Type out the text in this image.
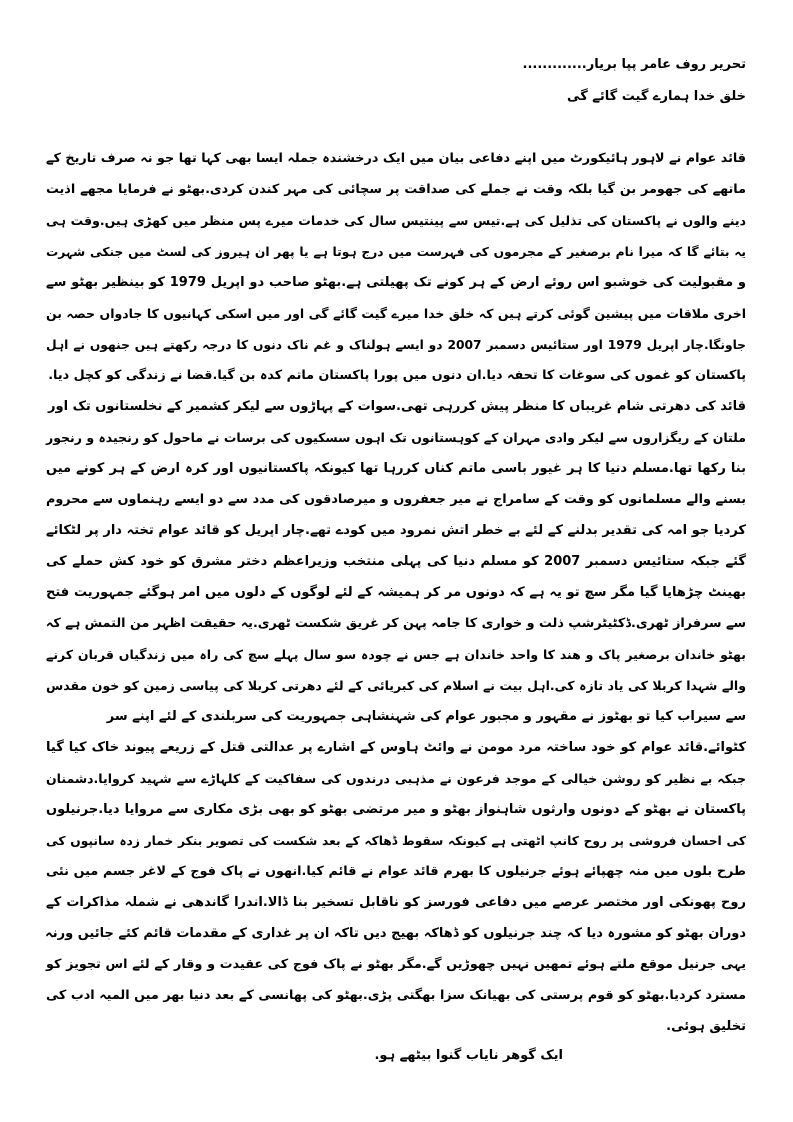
تحریر روف عامر پپا بریار.............
خلق خدا ہمارے گیت گائے گی
قائد عوام نے لاہور ہائیکورٹ میں اپنے دفاعی بیان میں ایک درخشندہ جملہ ایسا بھی کہا تھا جو نہ صرف تاریخ کے
ماتھے کی جھومر بن گیا بلکہ وقت نے جملے کی صداقت پر سچائی کی مہر کندن کردی.بھٹو نے فرمایا مجھے اذیت
دینے والوں نے پاکستان کی تذلیل کی ہے.تیس سے پینتیس سال کی خدمات میرے پس منظر میں کھڑی ہیں.وقت ہی
یہ بتائے گا کہ میرا نام برصغیر کے مجرموں کی فہرست میں درج ہوتا ہے یا پھر ان ہیروز کی لسٹ میں جنکی شہرت
و مقبولیت کی خوشبو اس روئے ارض کے ہر کونے تک پھیلتی ہے.بھٹو صاحب دو اپریل 1979 کو بینظیر بھٹو سے
اخری ملاقات میں پیشین گوئی کرتے ہیں کہ خلق خدا میرے گیت گائے گی اور میں اسکی کہانیوں کا جادواں حصہ بن
جاونگا.چار اپریل 1979 اور ستائیس دسمبر 2007 دو ایسے ہولناک و غم ناک دنوں کا درجہ رکھتے ہیں جنھوں نے اہل
پاکستان کو غموں کی سوغات کا تحفہ دیا.ان دنوں میں پورا پاکستان ماتم کدہ بن گیا.قضا نے زندگی کو کچل دیا.
قائد کی دھرتی شام غریباں کا منظر پیش کررہی تھی.سوات کے پہاڑوں سے لیکر کشمیر کے نخلستانوں تک اور
ملتان کے ریگزاروں سے لیکر وادی مہران کے کوہستانوں تک اہوں سسکیوں کی برسات نے ماحول کو رنجیدہ و رنجور
بنا رکھا تھا.مسلم دنیا کا ہر غیور باسی ماتم کناں کررہا تھا کیونکہ پاکستانیوں اور کرہ ارض کے ہر کونے میں
بسنے والے مسلمانوں کو وقت کے سامراج نے میر جعفروں و میرصادقوں کی مدد سے دو ایسے رہنماوں سے محروم
کردیا جو امہ کی تقدیر بدلنے کے لئے بے خطر اتش نمرود میں کودے تھے.چار اپریل کو قائد عوام تختہ دار پر لٹکائے
گئے جبکہ ستائیس دسمبر 2007 کو مسلم دنیا کی پہلی منتخب وزیراعظم دختر مشرق کو خود کش حملے کی
بھینٹ چڑھایا گیا مگر سچ تو یہ ہے کہ دونوں مر کر ہمیشہ کے لئے لوگوں کے دلوں میں امر ہوگئے جمہوریت فتح
سے سرفراز ٹھری.ڈکٹیٹرشپ ذلت و خواری کا جامہ پہن کر غریق شکست ٹھری.یہ حقیقت اظہر من التمش ہے کہ
بھٹو خاندان برصغیر پاک و ھند کا واحد خاندان ہے جس نے چودہ سو سال پہلے سچ کی راہ میں زندگیاں قربان کرنے
والے شہدا کربلا کی یاد تازہ کی.اہل بیت نے اسلام کی کبریائی کے لئے دھرتی کربلا کی پیاسی زمین کو خون مقدس
سے سیراب کیا تو بھٹوز نے مقہور و مجبور عوام کی شہنشاہی جمہوریت کی سربلندی کے لئے اپنے سر
کٹوائے.قائد عوام کو خود ساختہ مرد مومن نے وائٹ ہاوس کے اشارے پر عدالتی قتل کے زریعے پیوند خاک کیا گیا
جبکہ بے نظیر کو روشن خیالی کے موجد فرعون نے مذہبی درندوں کی سفاکیت کے کلہاڑے سے شہید کروایا.دشمنان
پاکستان نے بھٹو کے دونوں وارثوں شاہنواز بھٹو و میر مرتضی بھٹو کو بھی بڑی مکاری سے مروایا دیا.جرنیلوں
کی احسان فروشی پر روح کانپ اٹھتی ہے کیونکہ سقوط ڈھاکہ کے بعد شکست کی تصویر بنکر خمار زدہ سانپوں کی
طرح بلوں میں منہ چھپائے ہوئے جرنیلوں کا بھرم قائد عوام نے قائم کیا.انھوں نے پاک فوج کے لاغر جسم میں نئی
روح پھونکی اور مختصر عرصے میں دفاعی فورسز کو ناقابل تسخیر بنا ڈالا.اندرا گاندھی نے شملہ مذاکرات کے
دوران بھٹو کو مشورہ دیا کہ چند جرنیلوں کو ڈھاکہ بھیج دیں تاکہ ان پر غداری کے مقدمات قائم کئے جائیں ورنہ
یہی جرنیل موقع ملتے ہوئے تمھیں نہیں چھوڑیں گے.مگر بھٹو نے پاک فوج کی عقیدت و وقار کے لئے اس تجویز کو
مسترد کردیا.بھٹو کو قوم پرستی کی بھیانک سزا بھگتی پڑی.بھٹو کی پھانسی کے بعد دنیا بھر میں المیہ ادب کی
تخلیق ہوئی.
ایک گوھر نایاب گنوا بیٹھے ہو.
